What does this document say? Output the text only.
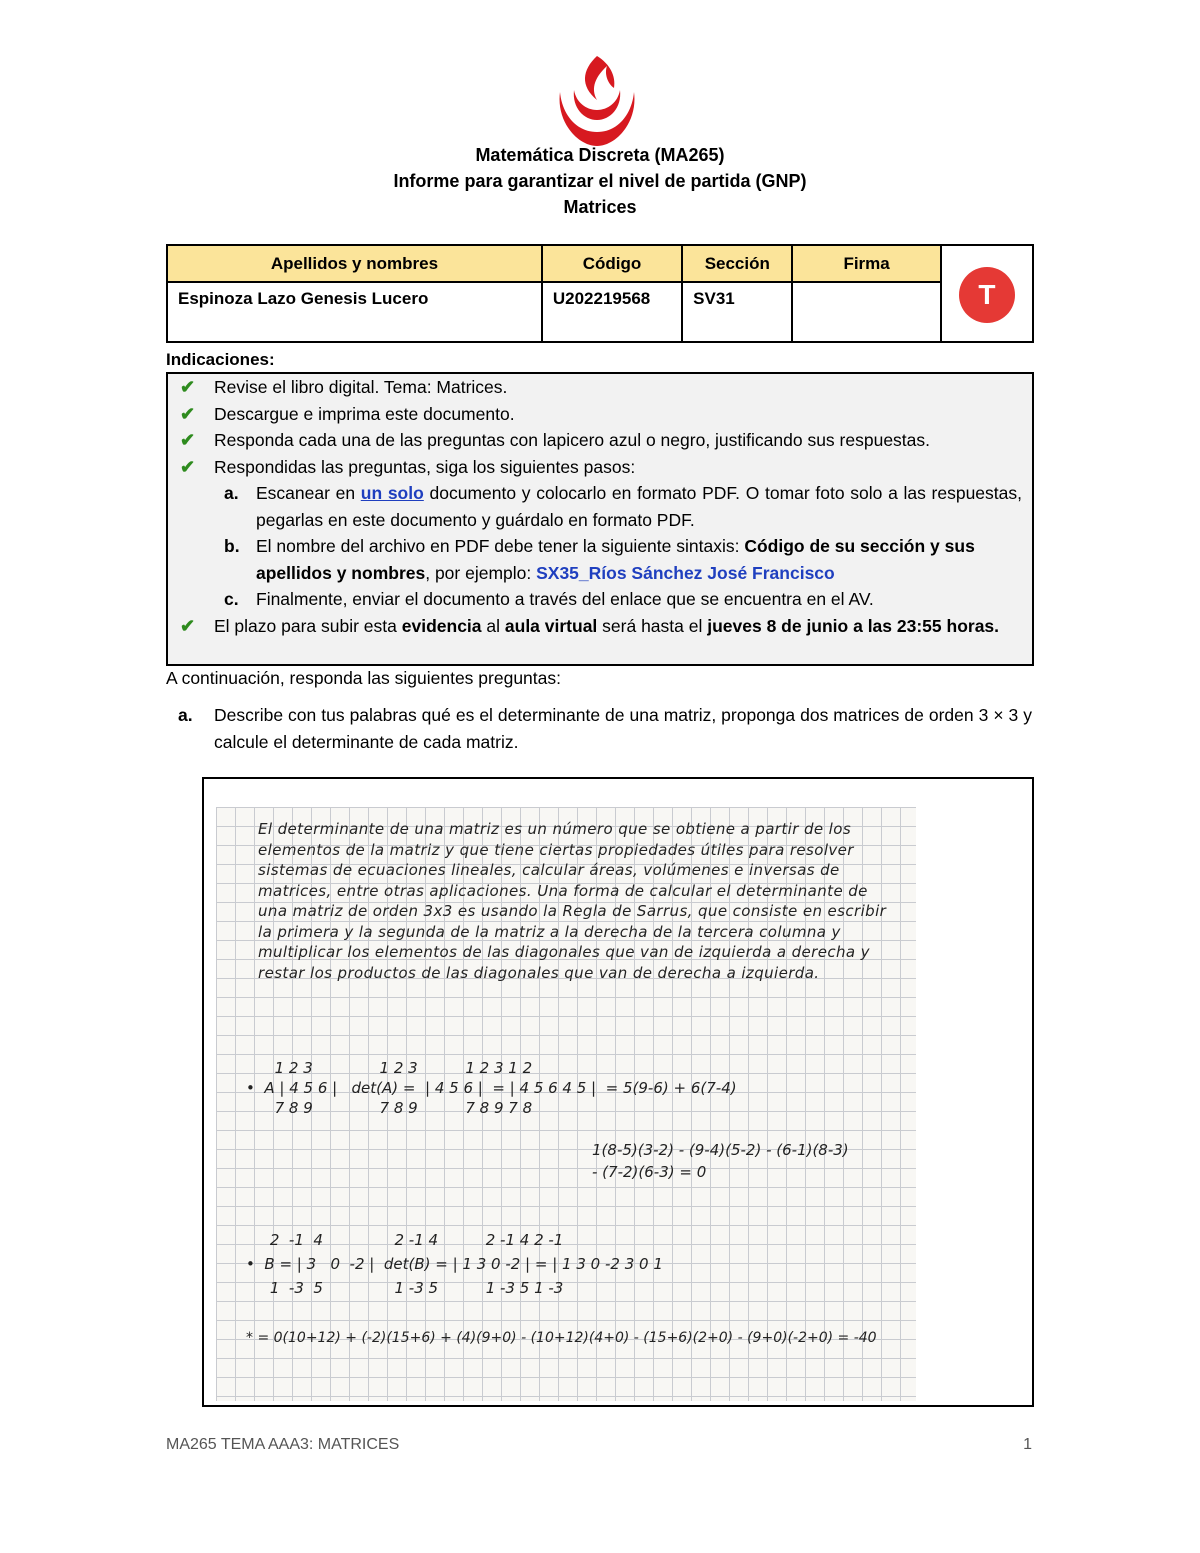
Matemática Discreta (MA265)
Informe para garantizar el nivel de partida (GNP)
Matrices
Apellidos y nombres	Código	Sección	Firma	T
Espinoza Lazo Genesis Lucero	U202219568	SV31		
Indicaciones:
✔ Revise el libro digital. Tema: Matrices.
✔ Descargue e imprima este documento.
✔ Responda cada una de las preguntas con lapicero azul o negro, justificando sus respuestas.
✔ Respondidas las preguntas, siga los siguientes pasos:
a. Escanear en un solo documento y colocarlo en formato PDF. O tomar foto solo a las respuestas, pegarlas en este documento y guárdalo en formato PDF.
b. El nombre del archivo en PDF debe tener la siguiente sintaxis: Código de su sección y sus apellidos y nombres, por ejemplo: SX35_Ríos Sánchez José Francisco
c. Finalmente, enviar el documento a través del enlace que se encuentra en el AV.
✔ El plazo para subir esta evidencia al aula virtual será hasta el jueves 8 de junio a las 23:55 horas.
A continuación, responda las siguientes preguntas:
a.	Describe con tus palabras qué es el determinante de una matriz, proponga dos matrices de orden 3 × 3 y calcule el determinante de cada matriz.
El determinante de una matriz es un número que se obtiene a partir de los elementos de la matriz y que tiene ciertas propiedades útiles para resolver sistemas de ecuaciones lineales, calcular áreas, volúmenes e inversas de matrices, entre otras aplicaciones. Una forma de calcular el determinante de una matriz de orden 3x3 es usando la Regla de Sarrus, que consiste en escribir la primera y la segunda de la matriz a la derecha de la tercera columna y multiplicar los elementos de las diagonales que van de izquierda a derecha y restar los productos de las diagonales que van de derecha a izquierda.
1 2 3              1 2 3          1 2 3 1 2
•  A | 4 5 6 |   det(A) =  | 4 5 6 |  = | 4 5 6 4 5 |  = 5(9-6) + 6(7-4)
7 8 9              7 8 9          7 8 9 7 8
1(8-5)(3-2) - (9-4)(5-2) - (6-1)(8-3)
- (7-2)(6-3) = 0
2  -1  4               2 -1 4          2 -1 4 2 -1
•  B = | 3   0  -2 |  det(B) = | 1 3 0 -2 | = | 1 3 0 -2 3 0 1
1  -3  5               1 -3 5          1 -3 5 1 -3
* = 0(10+12) + (-2)(15+6) + (4)(9+0) - (10+12)(4+0) - (15+6)(2+0) - (9+0)(-2+0) = -40
MA265 TEMA AAA3: MATRICES	1
